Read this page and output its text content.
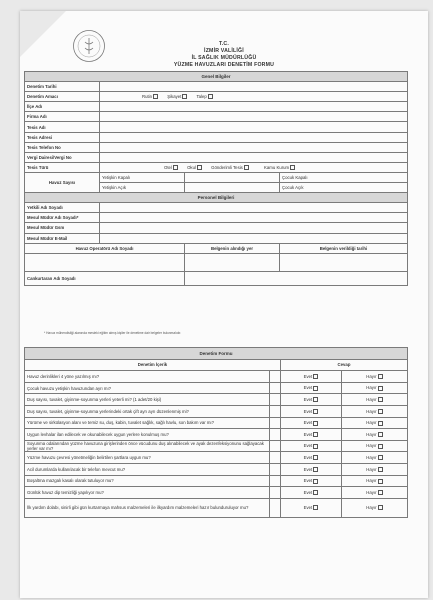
T.C.
İZMİR VALİLİĞİ
İL SAĞLIK MÜDÜRLÜĞÜ
YÜZME HAVUZLARI DENETİM FORMU
Genel Bilgiler			
Denetim Tarihi			
Denetim Amacı	Rutin Şikayet Talep		
İlçe Adı			
Firma Adı			
Tesis Adı			
Tesis Adresi			
Tesis Telefon No			
Vergi Dairesi/Vergi No			
Tesis Türü	Otel Okul Gönderimli Tesis Kamu Kurum		
Havuz Sayısı	Yetişkin Kapalı		Çocuk Kapalı
	Yetişkin Açık		Çocuk Açık
Personel Bilgileri			
Yetkili Adı Soyadı			
Mesul Müdür Adı Soyadı*			
Mesul Müdür Gsm			
Mesul Müdür E-Mail			
Havuz Operatörü Adı Soyadı		Belgenin alındığı yer	Belgenin verildiği tarihi

Cankurtaran Adı Soyadı			
* Havuz mühendisliği alanında mesleki eğitim almış kişiler ile denetime dair belgeler bulunmalıdır.
Denetim Formu			
Denetim İçerik		Cevap	
Havuz derinlikleri 4 yöne yazılmış mı?		Evet	Hayır
Çocuk havuzu yetişkin havuzundan ayrı mı?		Evet	Hayır
Duş sayısı, tuvalet, giyinme-soyunma yerleri yeterli mi? (1 adet/20 kişi)		Evet	Hayır
Duş sayısı, tuvalet, giyinme-soyunma yerlerindeki ortak çift ayrı ayrı düzenlenmiş mi?		Evet	Hayır
Yürüme ve sirkülasyon alanı ve temiz su, duş, kabin, tuvalet sağlık, sağlı havlu, son bakım var mı?		Evet	Hayır
Uygun levhalar ilan edilecek ve okunabilecek uygun yerlere konulmuş mu?		Evet	Hayır
Soyunma odalarından yüzme havuzuna girişlerinden önce vücudunu duş alınabilecek ve ayak dezenfeksiyonunu sağlayacak yerler var mı?		Evet	Hayır
Yüzme havuzu çevresi yönetmeliğin belirtilen şartlara uygun mu?		Evet	Hayır
Acil durumlarda kullanılacak bir telefon mevcut mu?		Evet	Hayır
Boşaltma mazgalı kasalı olarak tutuluyor mu?		Evet	Hayır
Günlük havuz dip temizliği yapılıyor mu?		Evet	Hayır
İlk yardım dolabı, sinirli gibi gün kurtarmaya mahsus malzemeleri ile ilkyardım malzemeleri hazır bulunduruluyor mu?		Evet	Hayır
